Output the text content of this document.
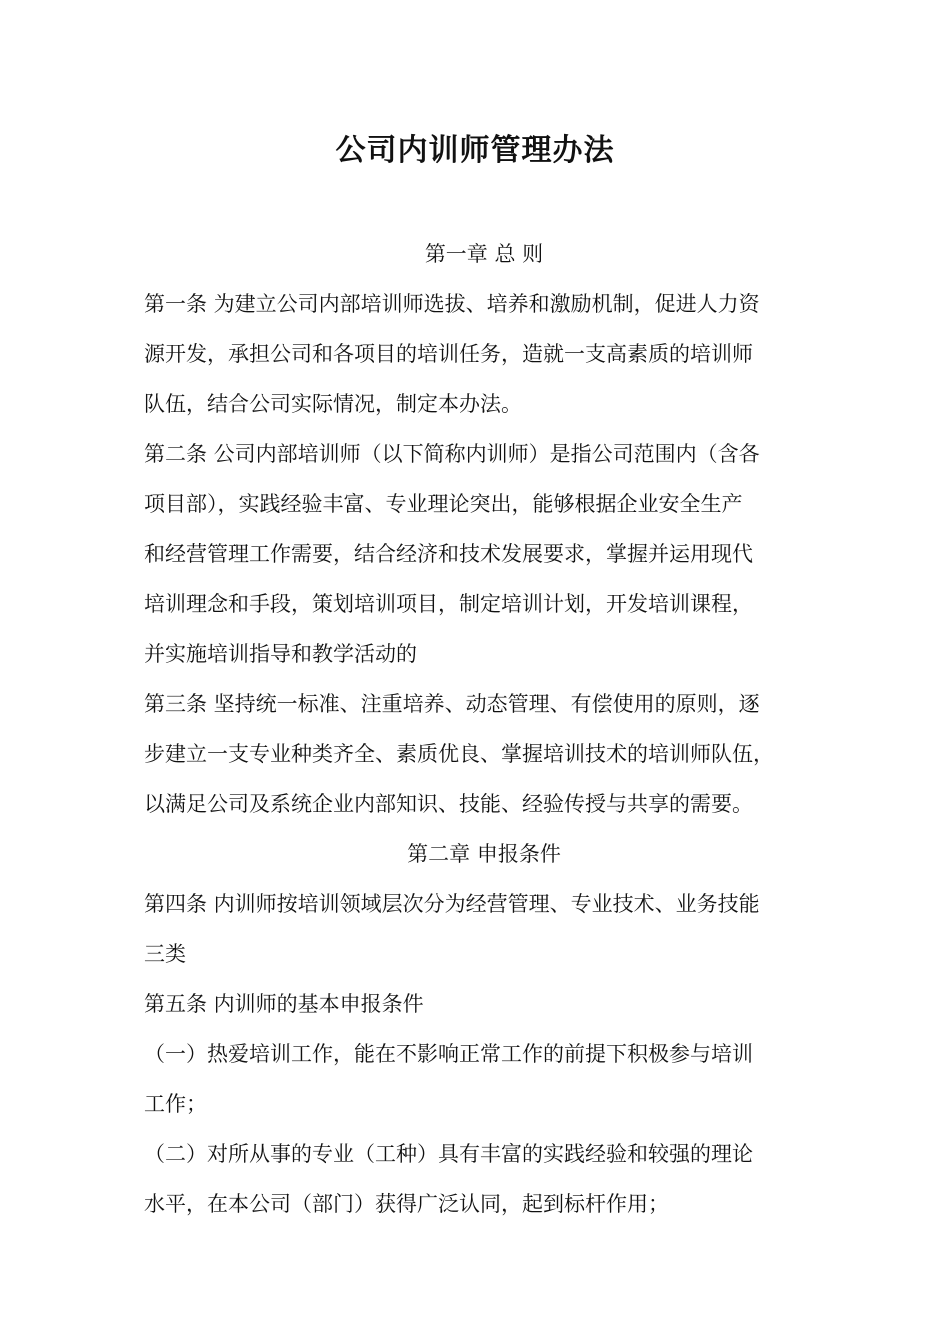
公司内训师管理办法
第一章 总 则

第一条 为建立公司内部培训师选拔、培养和激励机制，促进人力资
源开发，承担公司和各项目的培训任务，造就一支高素质的培训师
队伍，结合公司实际情况，制定本办法。

第二条 公司内部培训师（以下简称内训师）是指公司范围内（含各
项目部），实践经验丰富、专业理论突出，能够根据企业安全生产
和经营管理工作需要，结合经济和技术发展要求，掌握并运用现代
培训理念和手段，策划培训项目，制定培训计划，开发培训课程，
并实施培训指导和教学活动的

第三条 坚持统一标准、注重培养、动态管理、有偿使用的原则，逐
步建立一支专业种类齐全、素质优良、掌握培训技术的培训师队伍，
以满足公司及系统企业内部知识、技能、经验传授与共享的需要。

第二章 申报条件

第四条 内训师按培训领域层次分为经营管理、专业技术、业务技能
三类

第五条 内训师的基本申报条件

（一）热爱培训工作，能在不影响正常工作的前提下积极参与培训
工作；

（二）对所从事的专业（工种）具有丰富的实践经验和较强的理论
水平，在本公司（部门）获得广泛认同，起到标杆作用；
